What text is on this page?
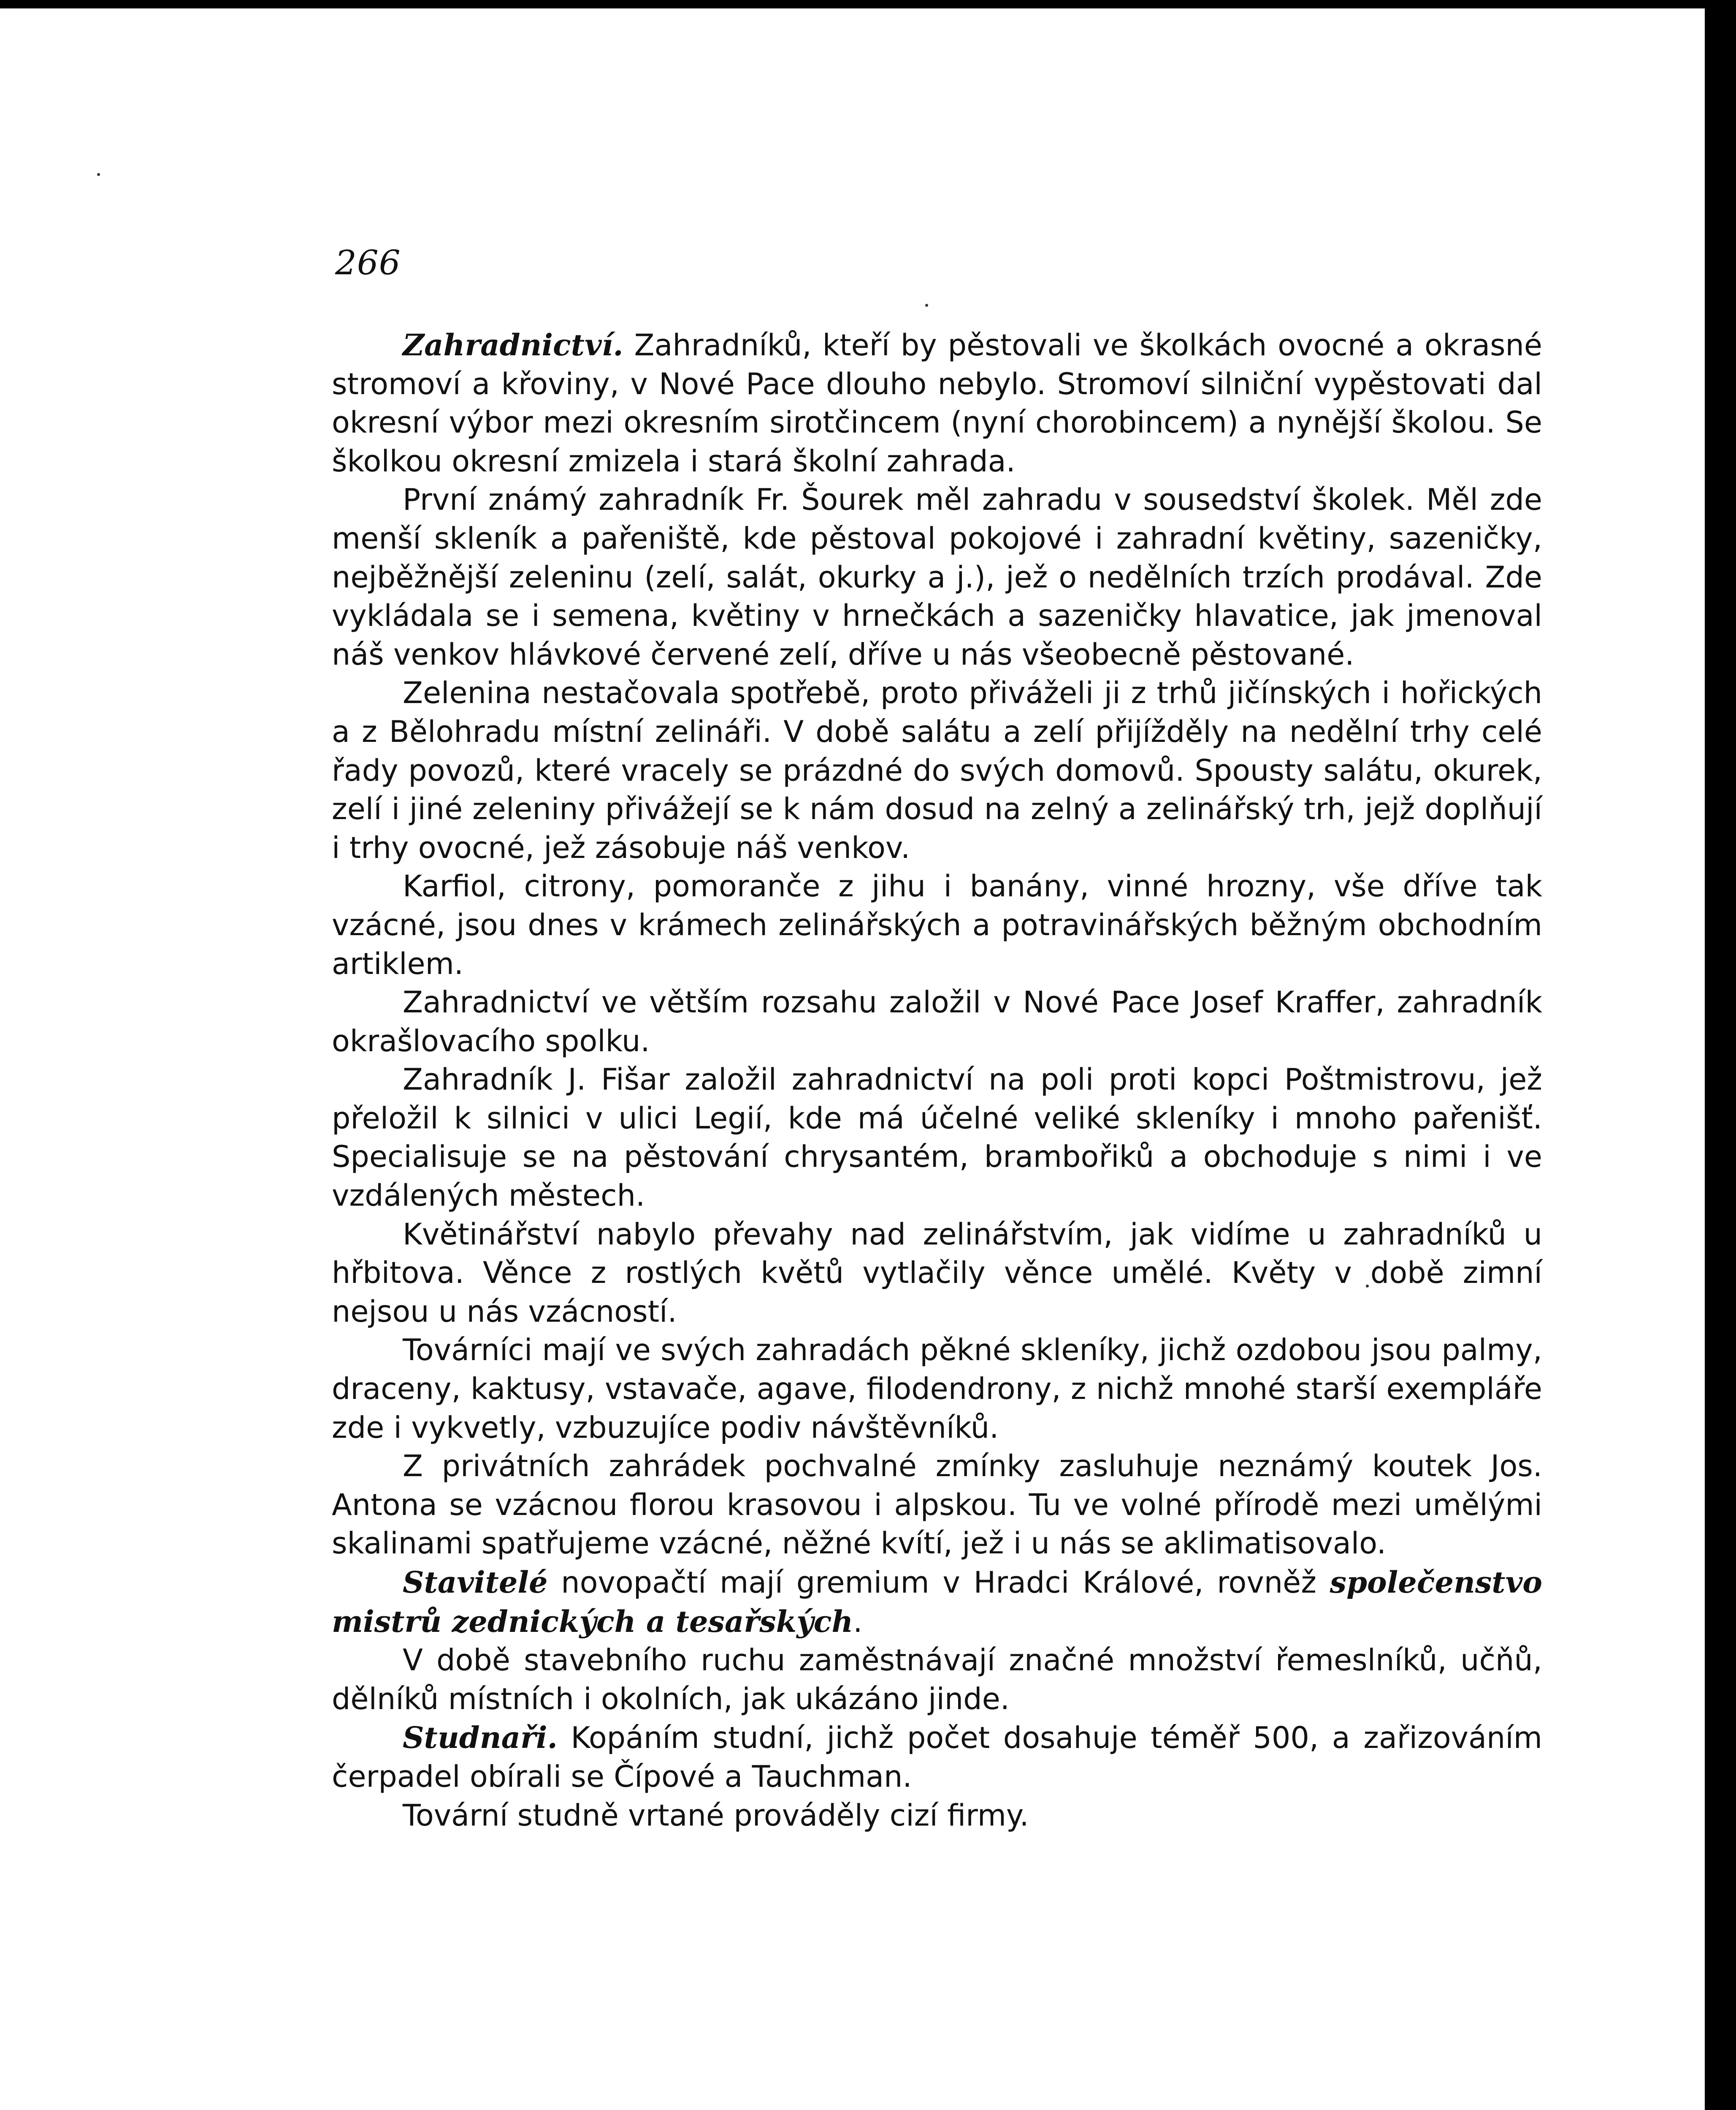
266

Zahradnictví. Zahradníků, kteří by pěstovali ve školkách ovocné a okrasné stromoví a křoviny, v Nové Pace dlouho nebylo. Stromoví silniční vypěstovati dal okresní výbor mezi okresním sirotčincem (nyní chorobincem) a nynější školou. Se školkou okresní zmizela i stará školní zahrada.

První známý zahradník Fr. Šourek měl zahradu v sousedství školek. Měl zde menší skleník a pařeniště, kde pěstoval pokojové i zahradní květiny, sazeničky, nejběžnější zeleninu (zelí, salát, okurky a j.), jež o nedělních trzích prodával. Zde vykládala se i semena, květiny v hrnečkách a sazeničky hlavatice, jak jmenoval náš venkov hlávkové červené zelí, dříve u nás všeobecně pěstované.

Zelenina nestačovala spotřebě, proto přiváželi ji z trhů jičínských i hořických a z Bělohradu místní zelináři. V době salátu a zelí přijížděly na nedělní trhy celé řady povozů, které vracely se prázdné do svých domovů. Spousty salátu, okurek, zelí i jiné zeleniny přivážejí se k nám dosud na zelný a zelinářský trh, jejž doplňují i trhy ovocné, jež zásobuje náš venkov.

Karfiol, citrony, pomoranče z jihu i banány, vinné hrozny, vše dříve tak vzácné, jsou dnes v krámech zelinářských a potravinářských běžným obchodním artiklem.

Zahradnictví ve větším rozsahu založil v Nové Pace Josef Kraffer, zahradník okrašlovacího spolku.

Zahradník J. Fišar založil zahradnictví na poli proti kopci Poštmistrovu, jež přeložil k silnici v ulici Legií, kde má účelné veliké skleníky i mnoho pařenišť. Specialisuje se na pěstování chrysantém, brambořiků a obchoduje s nimi i ve vzdálených městech.

Květinářství nabylo převahy nad zelinářstvím, jak vidíme u zahradníků u hřbitova. Věnce z rostlých květů vytlačily věnce umělé. Květy v době zimní nejsou u nás vzácností.

Továrníci mají ve svých zahradách pěkné skleníky, jichž ozdobou jsou palmy, draceny, kaktusy, vstavače, agave, filodendrony, z nichž mnohé starší exempláře zde i vykvetly, vzbuzujíce podiv návštěvníků.

Z privátních zahrádek pochvalné zmínky zasluhuje neznámý koutek Jos. Antona se vzácnou florou krasovou i alpskou. Tu ve volné přírodě mezi umělými skalinami spatřujeme vzácné, něžné kvítí, jež i u nás se aklimatisovalo.

Stavitelé novopačtí mají gremium v Hradci Králové, rovněž společenstvo mistrů zednických a tesařských.

V době stavebního ruchu zaměstnávají značné množství řemeslníků, učňů, dělníků místních i okolních, jak ukázáno jinde.

Studnaři. Kopáním studní, jichž počet dosahuje téměř 500, a zařizováním čerpadel obírali se Čípové a Tauchman.

Tovární studně vrtané prováděly cizí firmy.
